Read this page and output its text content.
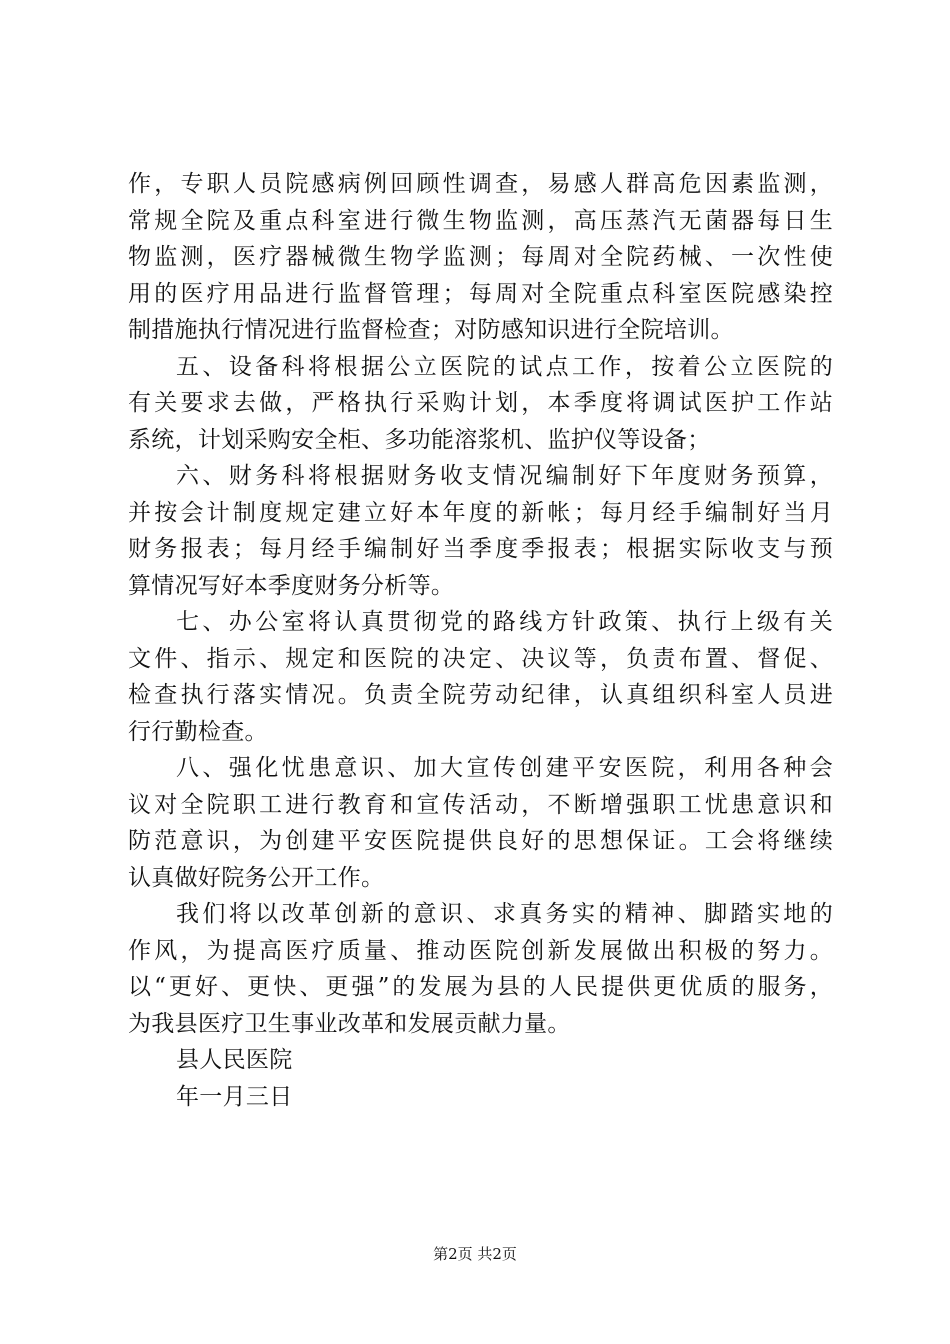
作，专职人员院感病例回顾性调查，易感人群高危因素监测，
常规全院及重点科室进行微生物监测，高压蒸汽无菌器每日生
物监测，医疗器械微生物学监测；每周对全院药械、一次性使
用的医疗用品进行监督管理；每周对全院重点科室医院感染控
制措施执行情况进行监督检查；对防感知识进行全院培训。
五、设备科将根据公立医院的试点工作，按着公立医院的
有关要求去做，严格执行采购计划，本季度将调试医护工作站
系统，计划采购安全柜、多功能溶浆机、监护仪等设备；
六、财务科将根据财务收支情况编制好下年度财务预算，
并按会计制度规定建立好本年度的新帐；每月经手编制好当月
财务报表；每月经手编制好当季度季报表；根据实际收支与预
算情况写好本季度财务分析等。
七、办公室将认真贯彻党的路线方针政策、执行上级有关
文件、指示、规定和医院的决定、决议等，负责布置、督促、
检查执行落实情况。负责全院劳动纪律，认真组织科室人员进
行行勤检查。
八、强化忧患意识、加大宣传创建平安医院，利用各种会
议对全院职工进行教育和宣传活动，不断增强职工忧患意识和
防范意识，为创建平安医院提供良好的思想保证。工会将继续
认真做好院务公开工作。
我们将以改革创新的意识、求真务实的精神、脚踏实地的
作风，为提高医疗质量、推动医院创新发展做出积极的努力。
以“更好、更快、更强”的发展为县的人民提供更优质的服务，
为我县医疗卫生事业改革和发展贡献力量。
县人民医院
年一月三日
第2页 共2页
